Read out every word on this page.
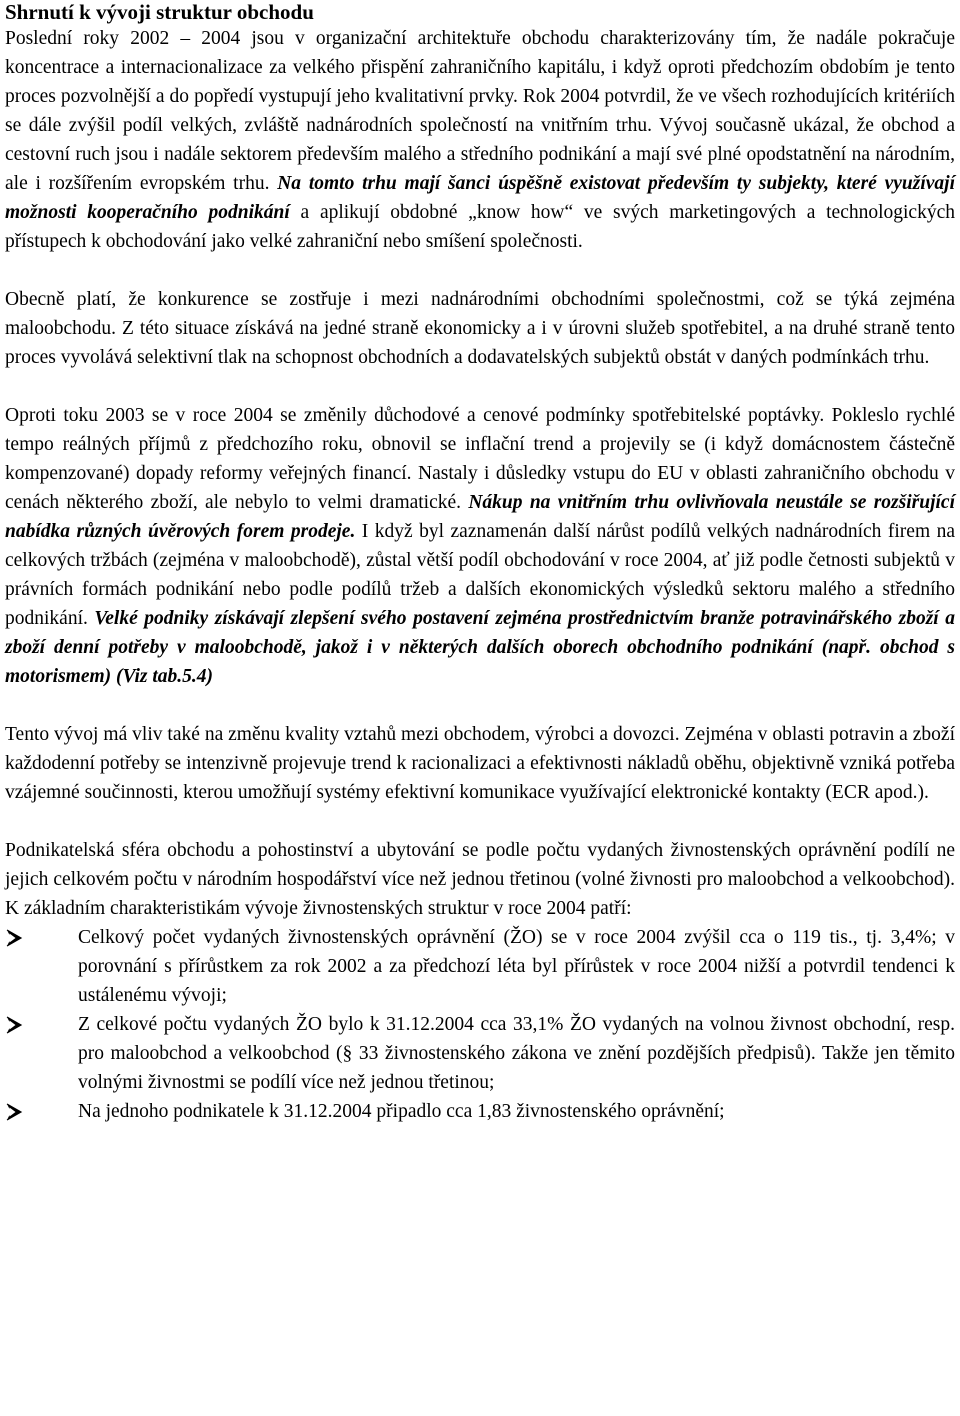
Shrnutí k vývoji struktur obchodu

Poslední roky 2002 – 2004 jsou v organizační architektuře obchodu charakterizovány tím, že nadále pokračuje koncentrace a internacionalizace za velkého přispění zahraničního kapitálu, i když oproti předchozím obdobím je tento proces pozvolnější a do popředí vystupují jeho kvalitativní prvky. Rok 2004 potvrdil, že ve všech rozhodujících kritériích se dále zvýšil podíl velkých, zvláště nadnárodních společností na vnitřním trhu. Vývoj současně ukázal, že obchod a cestovní ruch jsou i nadále sektorem především malého a středního podnikání a mají své plné opodstatnění na národním, ale i rozšířením evropském trhu. Na tomto trhu mají šanci úspěšně existovat především ty subjekty, které využívají možnosti kooperačního podnikání a aplikují obdobné „know how“ ve svých marketingových a technologických přístupech k obchodování jako velké zahraniční nebo smíšení společnosti.

Obecně platí, že konkurence se zostřuje i mezi nadnárodními obchodními společnostmi, což se týká zejména maloobchodu. Z této situace získává na jedné straně ekonomicky a i v úrovni služeb spotřebitel, a na druhé straně tento proces vyvolává selektivní tlak na schopnost obchodních a dodavatelských subjektů obstát v daných podmínkách trhu.

Oproti toku 2003 se v roce 2004 se změnily důchodové a cenové podmínky spotřebitelské poptávky. Pokleslo rychlé tempo reálných příjmů z předchozího roku, obnovil se inflační trend a projevily se (i když domácnostem částečně kompenzované) dopady reformy veřejných financí. Nastaly i důsledky vstupu do EU v oblasti zahraničního obchodu v cenách některého zboží, ale nebylo to velmi dramatické. Nákup na vnitřním trhu ovlivňovala neustále se rozšiřující nabídka různých úvěrových forem prodeje. I když byl zaznamenán další nárůst podílů velkých nadnárodních firem na celkových tržbách (zejména v maloobchodě), zůstal větší podíl obchodování v roce 2004, ať již podle četnosti subjektů v právních formách podnikání nebo podle podílů tržeb a dalších ekonomických výsledků sektoru malého a středního podnikání. Velké podniky získávají zlepšení svého postavení zejména prostřednictvím branže potravinářského zboží a zboží denní potřeby v maloobchodě, jakož i v některých dalších oborech obchodního podnikání (např. obchod s motorismem) (Viz tab.5.4)

Tento vývoj má vliv také na změnu kvality vztahů mezi obchodem, výrobci a dovozci. Zejména v oblasti potravin a zboží každodenní potřeby se intenzivně projevuje trend k racionalizaci a efektivnosti nákladů oběhu, objektivně vzniká potřeba vzájemné součinnosti, kterou umožňují systémy efektivní komunikace využívající elektronické kontakty (ECR apod.).

Podnikatelská sféra obchodu a pohostinství a ubytování se podle počtu vydaných živnostenských oprávnění podílí ne jejich celkovém počtu v národním hospodářství více než jednou třetinou (volné živnosti pro maloobchod a velkoobchod). K základním charakteristikám vývoje živnostenských struktur v roce 2004 patří:

Celkový počet vydaných živnostenských oprávnění (ŽO) se v roce 2004 zvýšil cca o 119 tis., tj. 3,4%; v porovnání s přírůstkem za rok 2002 a za předchozí léta byl přírůstek v roce 2004 nižší a potvrdil tendenci k ustálenému vývoji;
Z celkové počtu vydaných ŽO bylo k 31.12.2004 cca 33,1% ŽO vydaných na volnou živnost obchodní, resp. pro maloobchod a velkoobchod (§ 33 živnostenského zákona ve znění pozdějších předpisů). Takže jen těmito volnými živnostmi se podílí více než jednou třetinou;
Na jednoho podnikatele k 31.12.2004 připadlo cca 1,83 živnostenského oprávnění;
